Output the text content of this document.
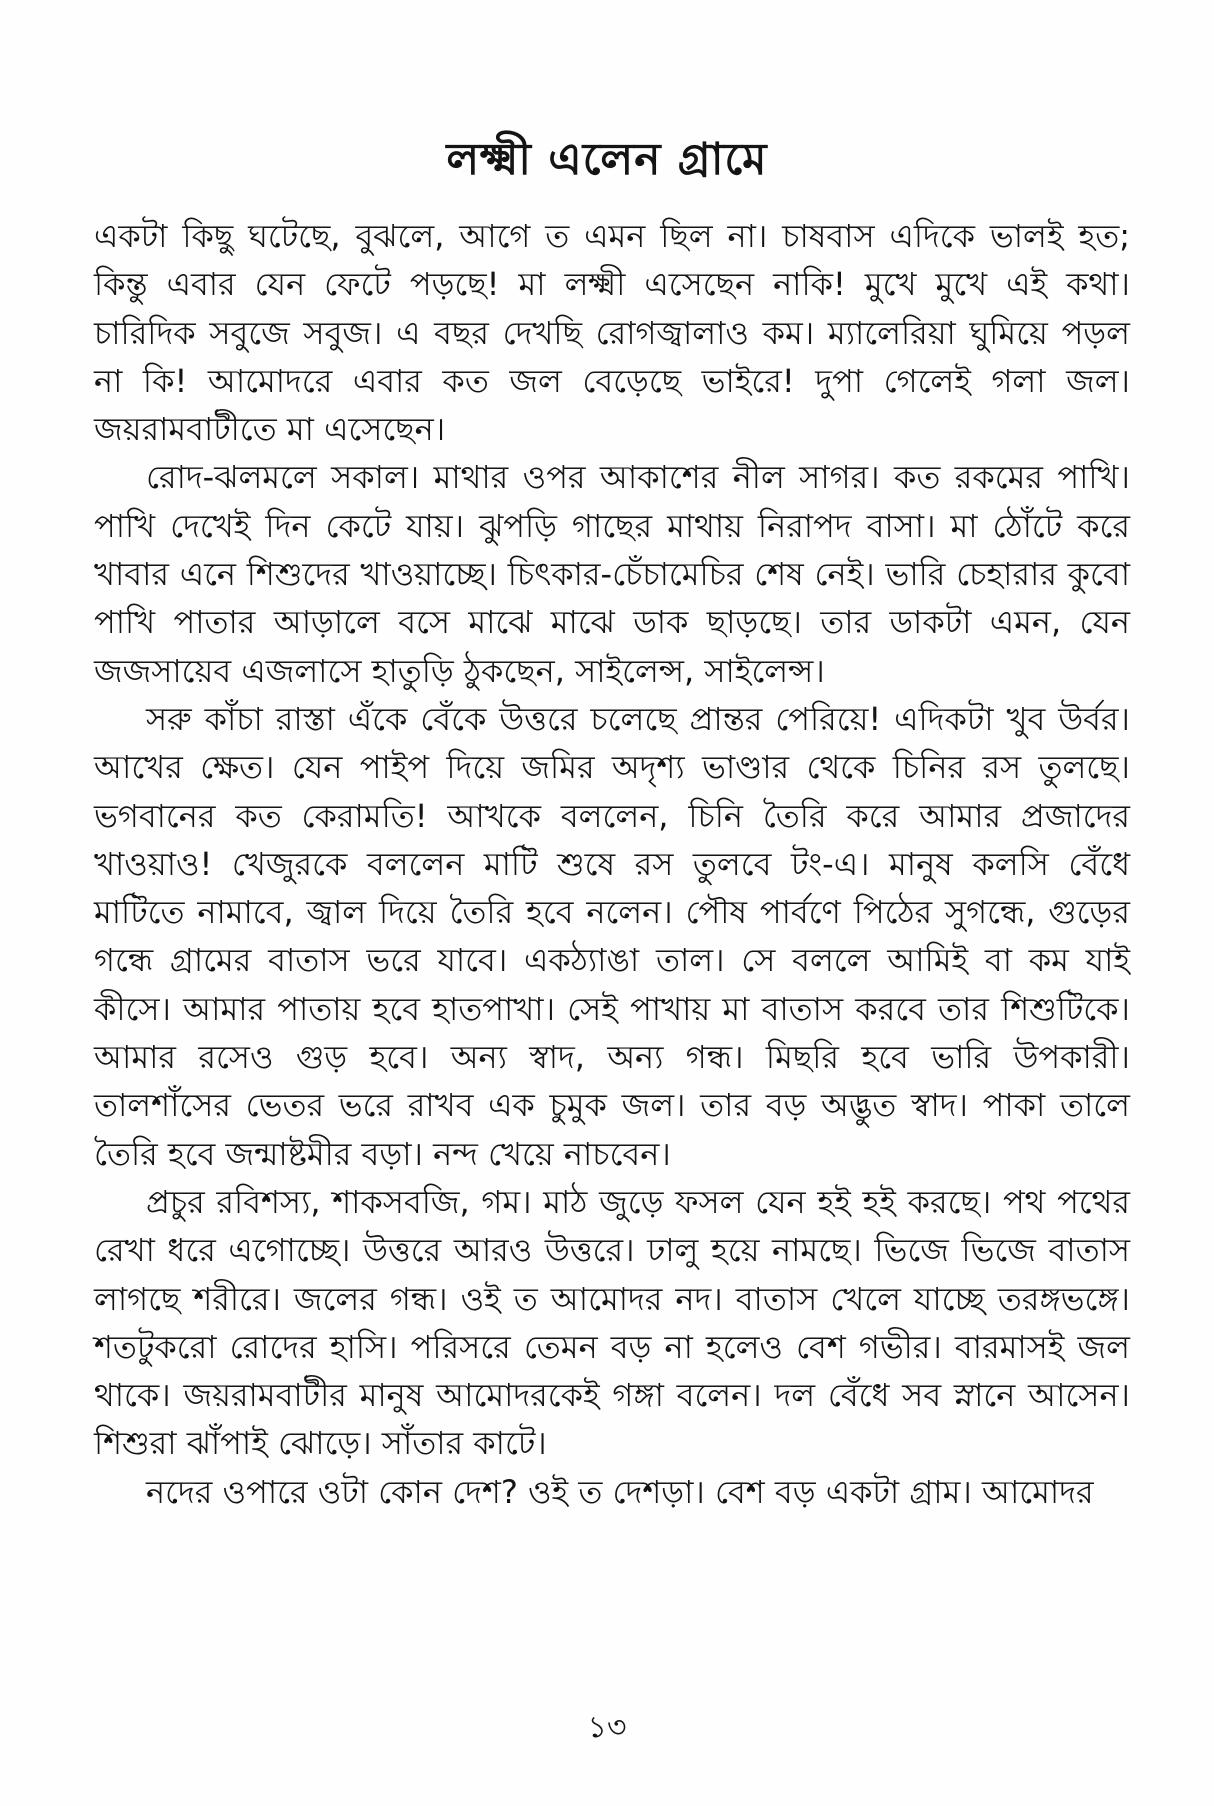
লক্ষ্মী এলেন গ্রামে

একটা কিছু ঘটেছে, বুঝলে, আগে ত এমন ছিল না। চাষবাস এদিকে ভালই হত; কিন্তু এবার যেন ফেটে পড়ছে! মা লক্ষ্মী এসেছেন নাকি! মুখে মুখে এই কথা। চারিদিক সবুজে সবুজ। এ বছর দেখছি রোগজ্বালাও কম। ম্যালেরিয়া ঘুমিয়ে পড়ল না কি! আমোদরে এবার কত জল বেড়েছে ভাইরে! দুপা গেলেই গলা জল। জয়রামবাটীতে মা এসেছেন।

রোদ-ঝলমলে সকাল। মাথার ওপর আকাশের নীল সাগর। কত রকমের পাখি। পাখি দেখেই দিন কেটে যায়। ঝুপড়ি গাছের মাথায় নিরাপদ বাসা। মা ঠোঁটে করে খাবার এনে শিশুদের খাওয়াচ্ছে। চিৎকার-চেঁচামেচির শেষ নেই। ভারি চেহারার কুবো পাখি পাতার আড়ালে বসে মাঝে মাঝে ডাক ছাড়ছে। তার ডাকটা এমন, যেন জজসায়েব এজলাসে হাতুড়ি ঠুকছেন, সাইলেন্স, সাইলেন্স।

সরু কাঁচা রাস্তা এঁকে বেঁকে উত্তরে চলেছে প্রান্তর পেরিয়ে! এদিকটা খুব উর্বর। আখের ক্ষেত। যেন পাইপ দিয়ে জমির অদৃশ্য ভাণ্ডার থেকে চিনির রস তুলছে। ভগবানের কত কেরামতি! আখকে বললেন, চিনি তৈরি করে আমার প্রজাদের খাওয়াও! খেজুরকে বললেন মাটি শুষে রস তুলবে টং-এ। মানুষ কলসি বেঁধে মাটিতে নামাবে, জ্বাল দিয়ে তৈরি হবে নলেন। পৌষ পার্বণে পিঠের সুগন্ধে, গুড়ের গন্ধে গ্রামের বাতাস ভরে যাবে। একঠ্যাঙা তাল। সে বললে আমিই বা কম যাই কীসে। আমার পাতায় হবে হাতপাখা। সেই পাখায় মা বাতাস করবে তার শিশুটিকে। আমার রসেও গুড় হবে। অন্য স্বাদ, অন্য গন্ধ। মিছরি হবে ভারি উপকারী। তালশাঁসের ভেতর ভরে রাখব এক চুমুক জল। তার বড় অদ্ভুত স্বাদ। পাকা তালে তৈরি হবে জন্মাষ্টমীর বড়া। নন্দ খেয়ে নাচবেন।

প্রচুর রবিশস্য, শাকসবজি, গম। মাঠ জুড়ে ফসল যেন হই হই করছে। পথ পথের রেখা ধরে এগোচ্ছে। উত্তরে আরও উত্তরে। ঢালু হয়ে নামছে। ভিজে ভিজে বাতাস লাগছে শরীরে। জলের গন্ধ। ওই ত আমোদর নদ। বাতাস খেলে যাচ্ছে তরঙ্গভঙ্গে। শতটুকরো রোদের হাসি। পরিসরে তেমন বড় না হলেও বেশ গভীর। বারমাসই জল থাকে। জয়রামবাটীর মানুষ আমোদরকেই গঙ্গা বলেন। দল বেঁধে সব স্নানে আসেন। শিশুরা ঝাঁপাই ঝোড়ে। সাঁতার কাটে।

নদের ওপারে ওটা কোন দেশ? ওই ত দেশড়া। বেশ বড় একটা গ্রাম। আমোদর

১৩
